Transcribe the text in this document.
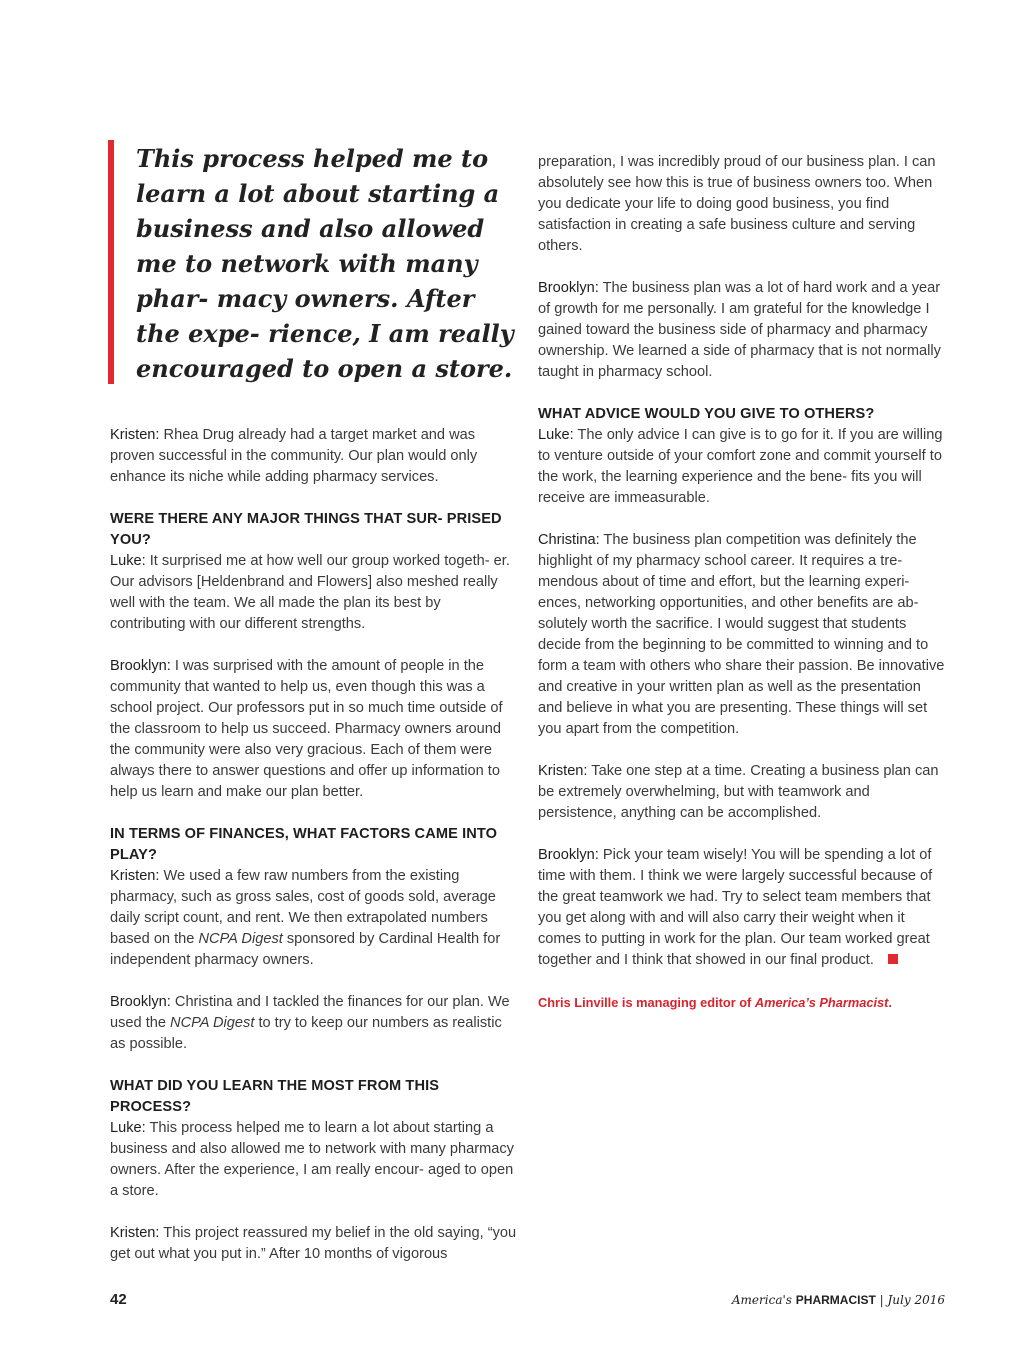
This process helped me to learn a lot about starting a business and also allowed me to network with many phar- macy owners. After the expe- rience, I am really encouraged to open a store.

Kristen: Rhea Drug already had a target market and was proven successful in the community. Our plan would only enhance its niche while adding pharmacy services.

WERE THERE ANY MAJOR THINGS THAT SUR- PRISED YOU?

Luke: It surprised me at how well our group worked togeth- er. Our advisors [Heldenbrand and Flowers] also meshed really well with the team. We all made the plan its best by contributing with our different strengths.

Brooklyn: I was surprised with the amount of people in the community that wanted to help us, even though this was a school project. Our professors put in so much time outside of the classroom to help us succeed. Pharmacy owners around the community were also very gracious. Each of them were always there to answer questions and offer up information to help us learn and make our plan better.

IN TERMS OF FINANCES, WHAT FACTORS CAME INTO PLAY?

Kristen: We used a few raw numbers from the existing pharmacy, such as gross sales, cost of goods sold, average daily script count, and rent. We then extrapolated numbers based on the NCPA Digest sponsored by Cardinal Health for independent pharmacy owners.

Brooklyn: Christina and I tackled the finances for our plan. We used the NCPA Digest to try to keep our numbers as realistic as possible.

WHAT DID YOU LEARN THE MOST FROM THIS PROCESS?

Luke: This process helped me to learn a lot about starting a business and also allowed me to network with many pharmacy owners. After the experience, I am really encour- aged to open a store.

Kristen: This project reassured my belief in the old saying, “you get out what you put in.” After 10 months of vigorous

preparation, I was incredibly proud of our business plan. I can absolutely see how this is true of business owners too. When you dedicate your life to doing good business, you find satisfaction in creating a safe business culture and serving others.

Brooklyn: The business plan was a lot of hard work and a year of growth for me personally. I am grateful for the knowledge I gained toward the business side of pharmacy and pharmacy ownership. We learned a side of pharmacy that is not normally taught in pharmacy school.

WHAT ADVICE WOULD YOU GIVE TO OTHERS?

Luke: The only advice I can give is to go for it. If you are willing to venture outside of your comfort zone and commit yourself to the work, the learning experience and the bene- fits you will receive are immeasurable.

Christina: The business plan competition was definitely the highlight of my pharmacy school career. It requires a tre- mendous about of time and effort, but the learning experi- ences, networking opportunities, and other benefits are ab- solutely worth the sacrifice. I would suggest that students decide from the beginning to be committed to winning and to form a team with others who share their passion. Be innovative and creative in your written plan as well as the presentation and believe in what you are presenting. These things will set you apart from the competition.

Kristen: Take one step at a time. Creating a business plan can be extremely overwhelming, but with teamwork and persistence, anything can be accomplished.

Brooklyn: Pick your team wisely! You will be spending a lot of time with them. I think we were largely successful because of the great teamwork we had. Try to select team members that you get along with and will also carry their weight when it comes to putting in work for the plan. Our team worked great together and I think that showed in our final product.

Chris Linville is managing editor of America’s Pharmacist.

42	America's PHARMACIST | July 2016
